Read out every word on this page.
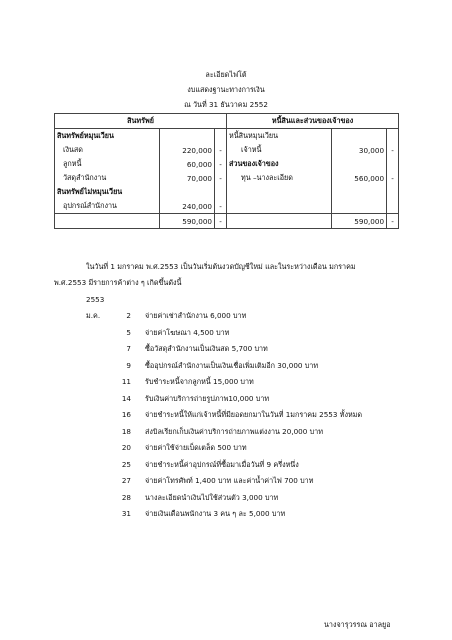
ละเอียดไฟโต้
งบแสดงฐานะทางการเงิน
ณ วันที่ 31 ธันวาคม 2552
สินทรัพย์			หนี้สินและส่วนของเจ้าของ		
สินทรัพย์หมุนเวียน			หนี้สินหมุนเวียน		
เงินสด	220,000	-	เจ้าหนี้	30,000	-
ลูกหนี้	60,000	-	ส่วนของเจ้าของ		
วัสดุสำนักงาน	70,000	-	ทุน –นางละเอียด	560,000	-
สินทรัพย์ไม่หมุนเวียน					
อุปกรณ์สำนักงาน	240,000	-			
	590,000	-		590,000	-
ในวันที่ 1 มกราคม พ.ศ.2553 เป็นวันเริ่มต้นงวดบัญชีใหม่ และในระหว่างเดือน มกราคม
พ.ศ.2553 มีรายการค้าต่าง ๆ เกิดขึ้นดังนี้
2553
ม.ค.	2 จ่ายค่าเช่าสำนักงาน 6,000 บาท
5 จ่ายค่าโฆษณา 4,500 บาท
7 ซื้อวัสดุสำนักงานเป็นเงินสด 5,700 บาท
9 ซื้ออุปกรณ์สำนักงานเป็นเงินเชื่อเพิ่มเติมอีก 30,000 บาท
11 รับชำระหนี้จากลูกหนี้ 15,000 บาท
14 รับเงินค่าบริการถ่ายรูปภาพ10,000 บาท
16 จ่ายชำระหนี้ให้แก่เจ้าหนี้ที่มียอดยกมาในวันที่ 1มกราคม 2553 ทั้งหมด
18 ส่งบิลเรียกเก็บเงินค่าบริการถ่ายภาพแต่งงาน 20,000 บาท
20 จ่ายค่าใช้จ่ายเบ็ดเตล็ด 500 บาท
25 จ่ายชำระหนี้ค่าอุปกรณ์ที่ซื้อมาเมื่อวันที่ 9 ครึ่งหนึ่ง
27 จ่ายค่าโทรศัพท์ 1,400 บาท และค่าน้ำค่าไฟ 700 บาท
28 นางละเอียดนำเงินไปใช้ส่วนตัว 3,000 บาท
31 จ่ายเงินเดือนพนักงาน 3 คน ๆ ละ 5,000 บาท
นางจารุวรรณ อาลยูอ
